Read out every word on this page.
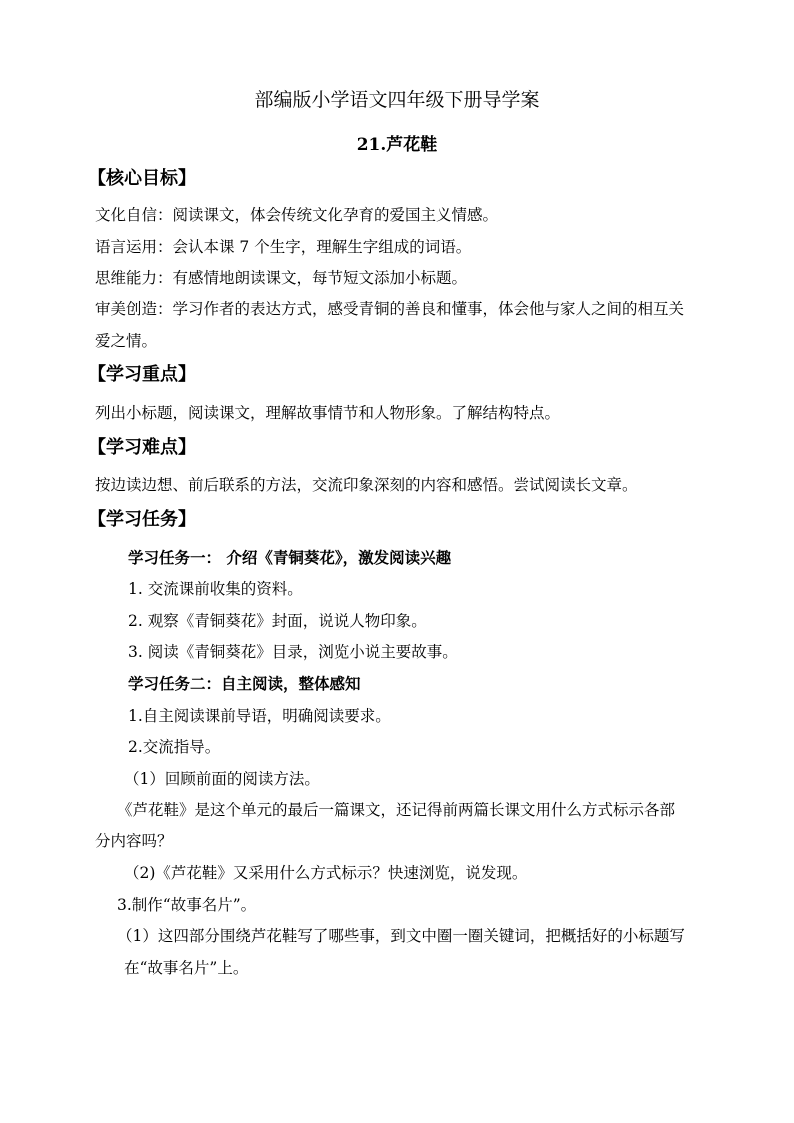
部编版小学语文四年级下册导学案
21.芦花鞋
【核心目标】
文化自信：阅读课文，体会传统文化孕育的爱国主义情感。
语言运用：会认本课 7 个生字，理解生字组成的词语。
思维能力：有感情地朗读课文，每节短文添加小标题。
审美创造：学习作者的表达方式，感受青铜的善良和懂事，体会他与家人之间的相互关
爱之情。
【学习重点】
列出小标题，阅读课文，理解故事情节和人物形象。了解结构特点。
【学习难点】
按边读边想、前后联系的方法，交流印象深刻的内容和感悟。尝试阅读长文章。
【学习任务】
学习任务一： 介绍《青铜葵花》，激发阅读兴趣
1. 交流课前收集的资料。
2. 观察《青铜葵花》封面，说说人物印象。
3. 阅读《青铜葵花》目录，浏览小说主要故事。
学习任务二：自主阅读，整体感知
1.自主阅读课前导语，明确阅读要求。
2.交流指导。
（1）回顾前面的阅读方法。
《芦花鞋》是这个单元的最后一篇课文，还记得前两篇长课文用什么方式标示各部
分内容吗？
（2)《芦花鞋》又采用什么方式标示？快速浏览，说发现。
3.制作“故事名片”。
（1）这四部分围绕芦花鞋写了哪些事，到文中圈一圈关键词，把概括好的小标题写
在“故事名片”上。
